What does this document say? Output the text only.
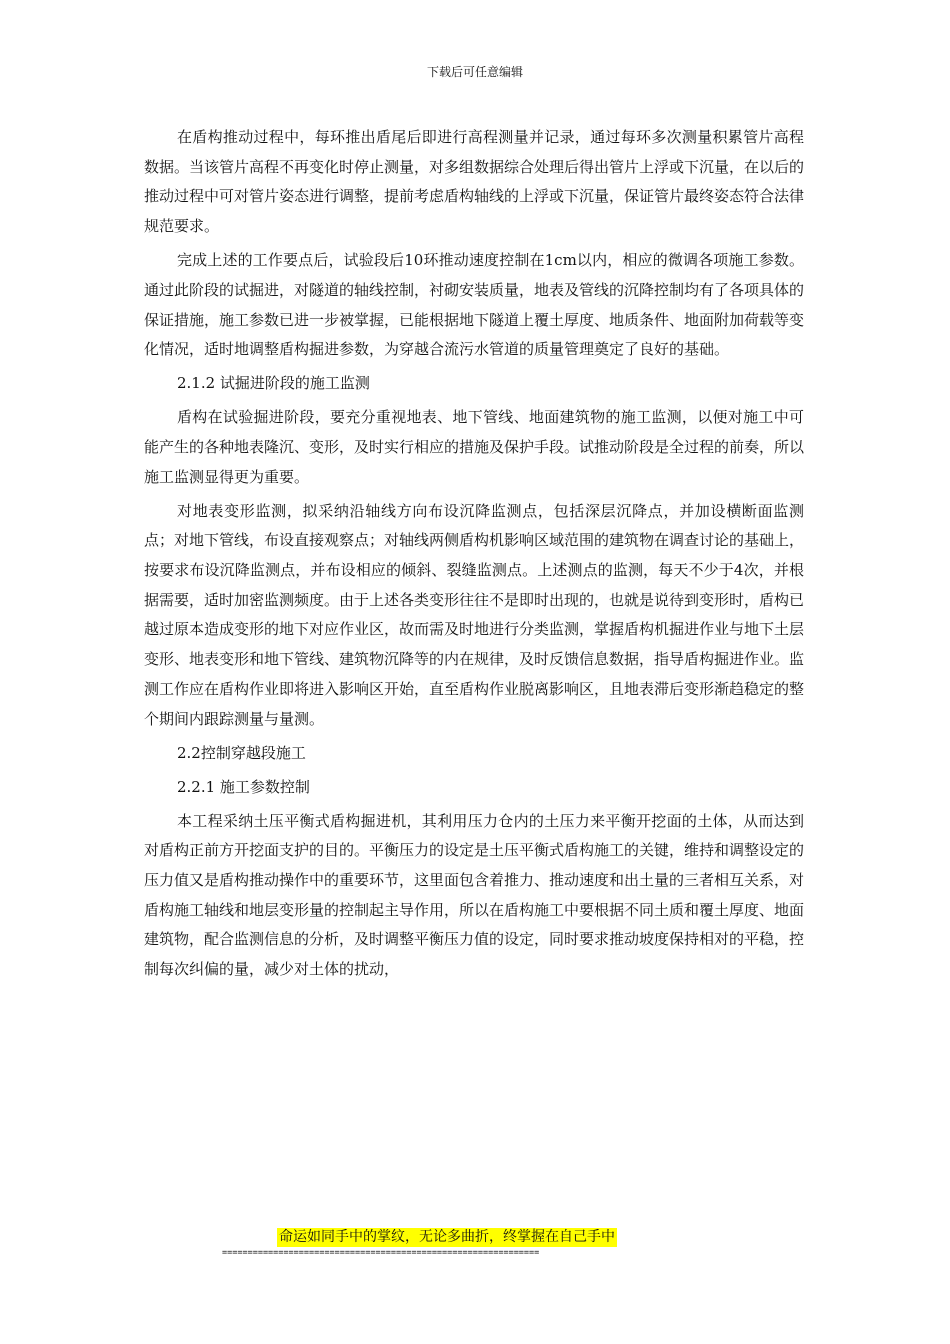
下载后可任意编辑

在盾构推动过程中，每环推出盾尾后即进行高程测量并记录，通过每环多次测量积累管片高程数据。当该管片高程不再变化时停止测量，对多组数据综合处理后得出管片上浮或下沉量，在以后的推动过程中可对管片姿态进行调整，提前考虑盾构轴线的上浮或下沉量，保证管片最终姿态符合法律规范要求。

完成上述的工作要点后，试验段后10环推动速度控制在1cm以内，相应的微调各项施工参数。通过此阶段的试掘进，对隧道的轴线控制，衬砌安装质量，地表及管线的沉降控制均有了各项具体的保证措施，施工参数已进一步被掌握，已能根据地下隧道上覆土厚度、地质条件、地面附加荷载等变化情况，适时地调整盾构掘进参数，为穿越合流污水管道的质量管理奠定了良好的基础。

2.1.2 试掘进阶段的施工监测

盾构在试验掘进阶段，要充分重视地表、地下管线、地面建筑物的施工监测，以便对施工中可能产生的各种地表隆沉、变形，及时实行相应的措施及保护手段。试推动阶段是全过程的前奏，所以施工监测显得更为重要。

对地表变形监测，拟采纳沿轴线方向布设沉降监测点，包括深层沉降点，并加设横断面监测点；对地下管线，布设直接观察点；对轴线两侧盾构机影响区域范围的建筑物在调查讨论的基础上，按要求布设沉降监测点，并布设相应的倾斜、裂缝监测点。上述测点的监测，每天不少于4次，并根据需要，适时加密监测频度。由于上述各类变形往往不是即时出现的，也就是说待到变形时，盾构已越过原本造成变形的地下对应作业区，故而需及时地进行分类监测，掌握盾构机掘进作业与地下土层变形、地表变形和地下管线、建筑物沉降等的内在规律，及时反馈信息数据，指导盾构掘进作业。监测工作应在盾构作业即将进入影响区开始，直至盾构作业脱离影响区，且地表滞后变形渐趋稳定的整个期间内跟踪测量与量测。

2.2控制穿越段施工

2.2.1 施工参数控制

本工程采纳土压平衡式盾构掘进机，其利用压力仓内的土压力来平衡开挖面的土体，从而达到对盾构正前方开挖面支护的目的。平衡压力的设定是土压平衡式盾构施工的关键，维持和调整设定的压力值又是盾构推动操作中的重要环节，这里面包含着推力、推动速度和出土量的三者相互关系，对盾构施工轴线和地层变形量的控制起主导作用，所以在盾构施工中要根据不同土质和覆土厚度、地面建筑物，配合监测信息的分析，及时调整平衡压力值的设定，同时要求推动坡度保持相对的平稳，控制每次纠偏的量，减少对土体的扰动，

命运如同手中的掌纹，无论多曲折，终掌握在自己手中
==============================================================
